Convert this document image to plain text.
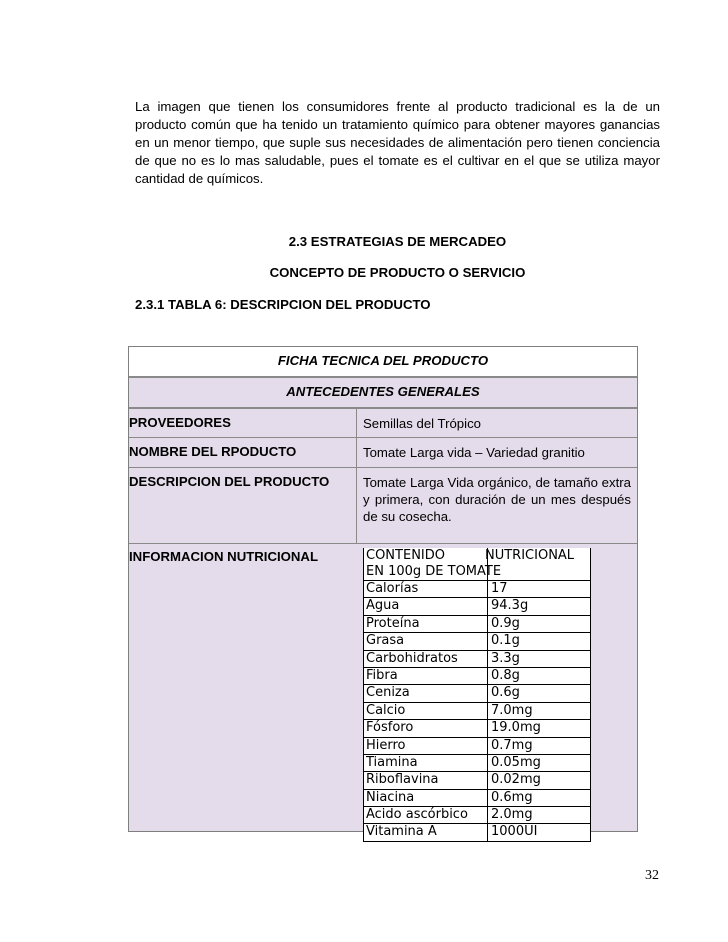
La imagen que tienen los consumidores frente al producto tradicional es la de un producto común que ha tenido un tratamiento químico para obtener mayores ganancias en un menor tiempo, que suple sus necesidades de alimentación pero tienen conciencia de que no es lo mas saludable, pues el tomate es el cultivar en el que se utiliza mayor cantidad de químicos.

2.3 ESTRATEGIAS DE MERCADEO

CONCEPTO DE PRODUCTO O SERVICIO

2.3.1 TABLA 6: DESCRIPCION DEL PRODUCTO

FICHA TECNICA DEL PRODUCTO
ANTECEDENTES GENERALES
PROVEEDORES	Semillas del Trópico
NOMBRE DEL RPODUCTO	Tomate Larga vida – Variedad granitio
DESCRIPCION DEL PRODUCTO	Tomate Larga Vida orgánico, de tamaño extra y primera, con duración de un mes después de su cosecha.
INFORMACION NUTRICIONAL	CONTENIDO	NUTRICIONAL
EN 100g DE TOMATE
Calorías	17
Agua	94.3g
Proteína	0.9g
Grasa	0.1g
Carbohidratos	3.3g
Fibra	0.8g
Ceniza	0.6g
Calcio	7.0mg
Fósforo	19.0mg
Hierro	0.7mg
Tiamina	0.05mg
Riboflavina	0.02mg
Niacina	0.6mg
Acido ascórbico 2.0mg
Vitamina A	1000UI
32
